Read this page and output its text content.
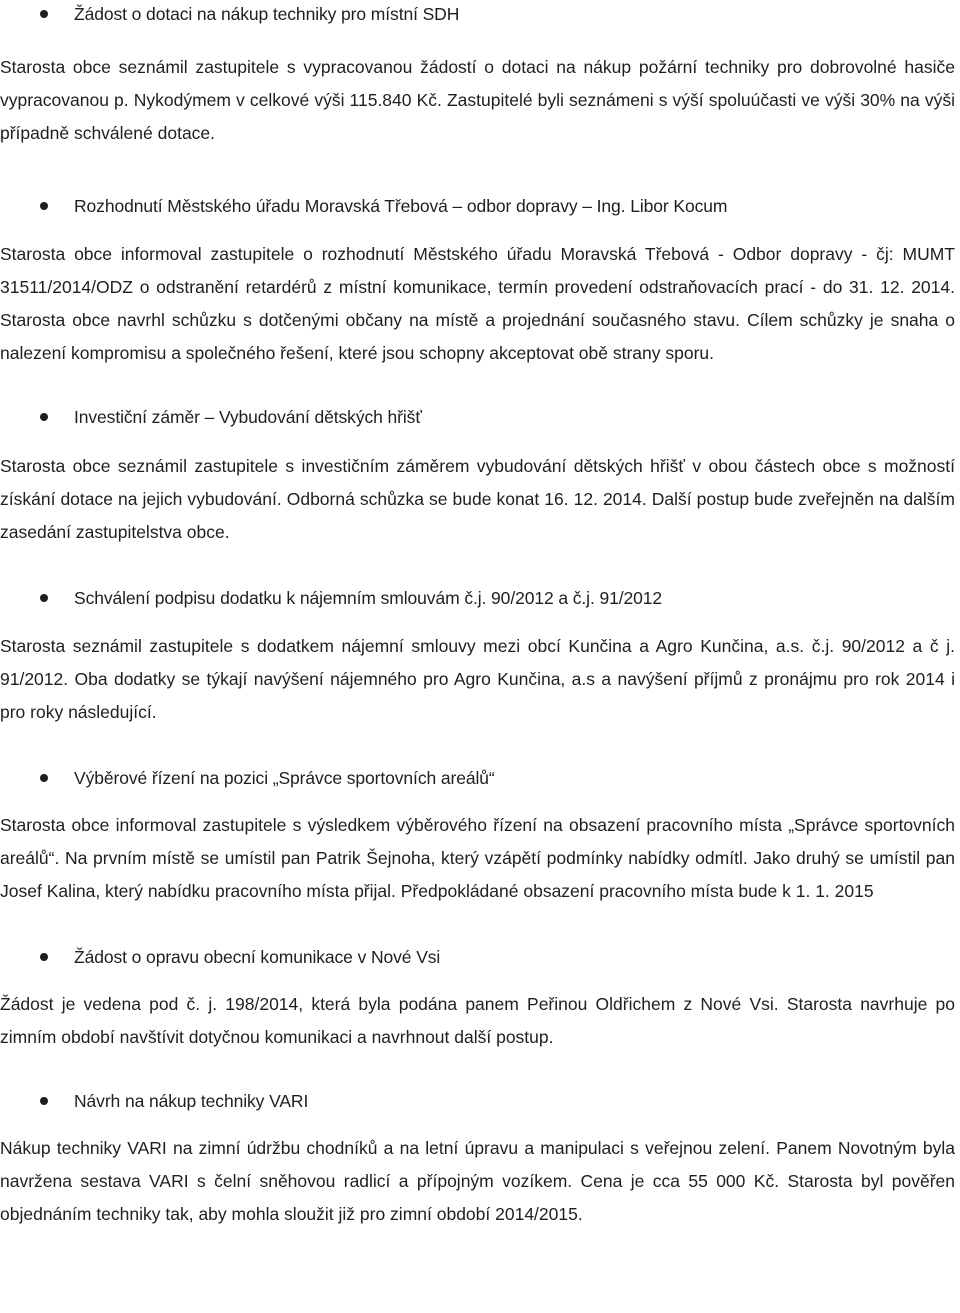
Žádost o dotaci na nákup techniky pro místní SDH

Starosta obce seznámil zastupitele s vypracovanou žádostí o dotaci na nákup požární techniky pro dobrovolné hasiče vypracovanou p. Nykodýmem v celkové výši 115.840 Kč. Zastupitelé byli seznámeni s výší spoluúčasti ve výši 30% na výši případně schválené dotace.

Rozhodnutí Městského úřadu Moravská Třebová – odbor dopravy – Ing. Libor Kocum

Starosta obce informoval zastupitele o rozhodnutí Městského úřadu Moravská Třebová - Odbor dopravy - čj: MUMT 31511/2014/ODZ o odstranění retardérů z místní komunikace, termín provedení odstraňovacích prací - do 31. 12. 2014. Starosta obce navrhl schůzku s dotčenými občany na místě a projednání současného stavu. Cílem schůzky je snaha o nalezení kompromisu a společného řešení, které jsou schopny akceptovat obě strany sporu.

Investiční záměr – Vybudování dětských hřišť

Starosta obce seznámil zastupitele s investičním záměrem vybudování dětských hřišť v obou částech obce s možností získání dotace na jejich vybudování. Odborná schůzka se bude konat 16. 12. 2014. Další postup bude zveřejněn na dalším zasedání zastupitelstva obce.

Schválení podpisu dodatku k nájemním smlouvám č.j. 90/2012 a č.j. 91/2012

Starosta seznámil zastupitele s dodatkem nájemní smlouvy mezi obcí Kunčina a Agro Kunčina, a.s. č.j. 90/2012 a č j. 91/2012. Oba dodatky se týkají navýšení nájemného pro Agro Kunčina, a.s a navýšení příjmů z pronájmu pro rok 2014 i pro roky následující.

Výběrové řízení na pozici „Správce sportovních areálů“

Starosta obce informoval zastupitele s výsledkem výběrového řízení na obsazení pracovního místa „Správce sportovních areálů“. Na prvním místě se umístil pan Patrik Šejnoha, který vzápětí podmínky nabídky odmítl. Jako druhý se umístil pan Josef Kalina, který nabídku pracovního místa přijal. Předpokládané obsazení pracovního místa bude k 1. 1. 2015

Žádost o opravu obecní komunikace v Nové Vsi

Žádost je vedena pod č. j. 198/2014, která byla podána panem Peřinou Oldřichem z Nové Vsi. Starosta navrhuje po zimním období navštívit dotyčnou komunikaci a navrhnout další postup.

Návrh na nákup techniky VARI

Nákup techniky VARI na zimní údržbu chodníků a na letní úpravu a manipulaci s veřejnou zelení. Panem Novotným byla navržena sestava VARI s čelní sněhovou radlicí a přípojným vozíkem. Cena je cca 55 000 Kč. Starosta byl pověřen objednáním techniky tak, aby mohla sloužit již pro zimní období 2014/2015.
